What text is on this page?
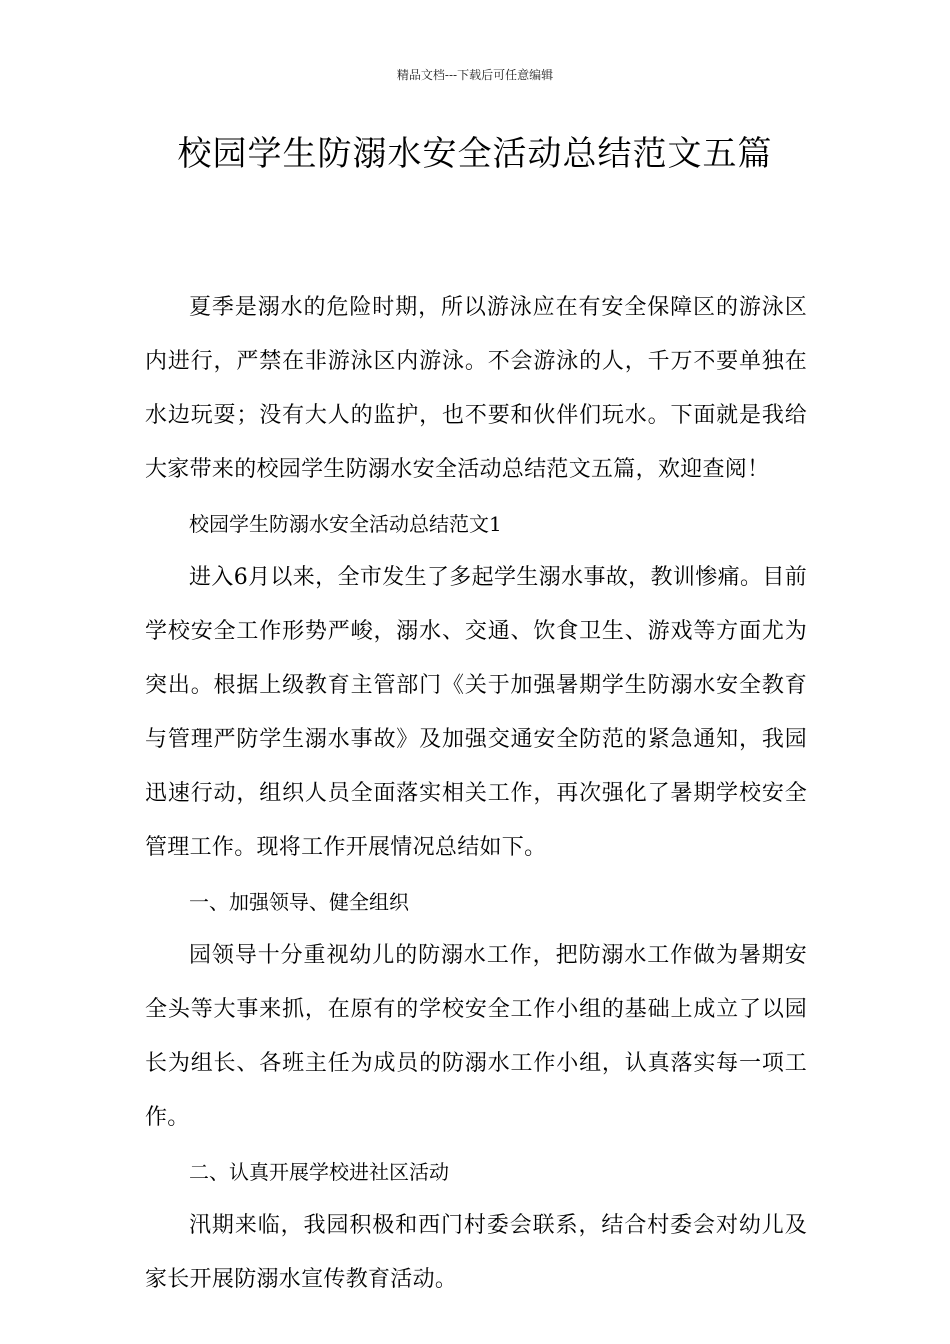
精品文档---下载后可任意编辑
校园学生防溺水安全活动总结范文五篇

夏季是溺水的危险时期，所以游泳应在有安全保障区的游泳区内进行，严禁在非游泳区内游泳。不会游泳的人，千万不要单独在水边玩耍；没有大人的监护，也不要和伙伴们玩水。下面就是我给大家带来的校园学生防溺水安全活动总结范文五篇，欢迎查阅！

校园学生防溺水安全活动总结范文1

进入6月以来，全市发生了多起学生溺水事故，教训惨痛。目前学校安全工作形势严峻，溺水、交通、饮食卫生、游戏等方面尤为突出。根据上级教育主管部门《关于加强暑期学生防溺水安全教育与管理严防学生溺水事故》及加强交通安全防范的紧急通知，我园迅速行动，组织人员全面落实相关工作，再次强化了暑期学校安全管理工作。现将工作开展情况总结如下。

一、加强领导、健全组织

园领导十分重视幼儿的防溺水工作，把防溺水工作做为暑期安全头等大事来抓，在原有的学校安全工作小组的基础上成立了以园长为组长、各班主任为成员的防溺水工作小组，认真落实每一项工作。

二、认真开展学校进社区活动

汛期来临，我园积极和西门村委会联系，结合村委会对幼儿及家长开展防溺水宣传教育活动。
